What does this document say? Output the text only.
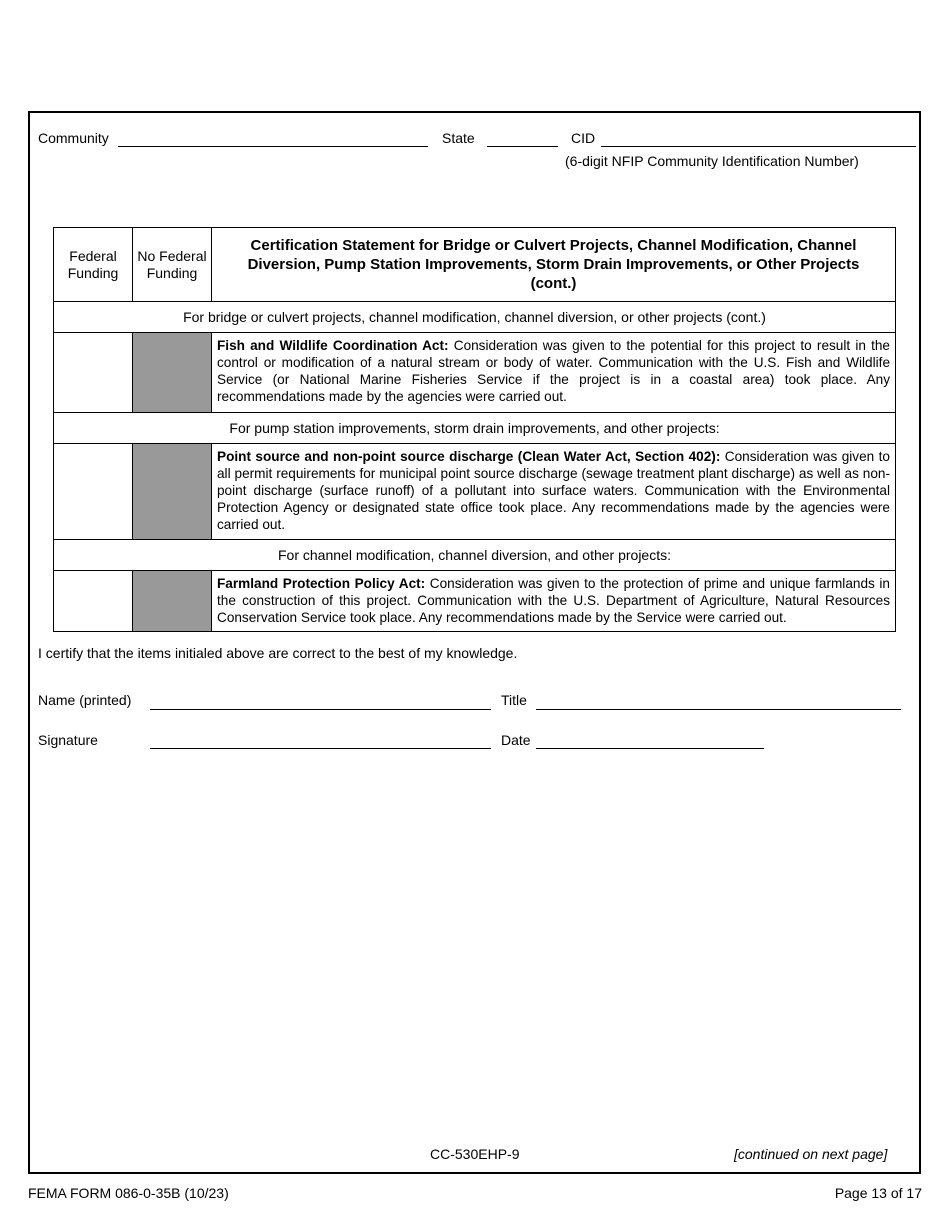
Community	State	CID
(6-digit NFIP Community Identification Number)
Federal Funding	No Federal Funding	Certification Statement for Bridge or Culvert Projects, Channel Modification, Channel Diversion, Pump Station Improvements, Storm Drain Improvements, or Other Projects (cont.)
For bridge or culvert projects, channel modification, channel diversion, or other projects (cont.)		
		Fish and Wildlife Coordination Act: Consideration was given to the potential for this project to result in the control or modification of a natural stream or body of water. Communication with the U.S. Fish and Wildlife Service (or National Marine Fisheries Service if the project is in a coastal area) took place. Any recommendations made by the agencies were carried out.
For pump station improvements, storm drain improvements, and other projects:		
		Point source and non-point source discharge (Clean Water Act, Section 402): Consideration was given to all permit requirements for municipal point source discharge (sewage treatment plant discharge) as well as non-point discharge (surface runoff) of a pollutant into surface waters. Communication with the Environmental Protection Agency or designated state office took place. Any recommendations made by the agencies were carried out.
For channel modification, channel diversion, and other projects:		
		Farmland Protection Policy Act: Consideration was given to the protection of prime and unique farmlands in the construction of this project. Communication with the U.S. Department of Agriculture, Natural Resources Conservation Service took place. Any recommendations made by the Service were carried out.
I certify that the items initialed above are correct to the best of my knowledge.
Name (printed)	Title
Signature	Date
CC-530EHP-9	[continued on next page]
FEMA FORM 086-0-35B (10/23)	Page 13 of 17
